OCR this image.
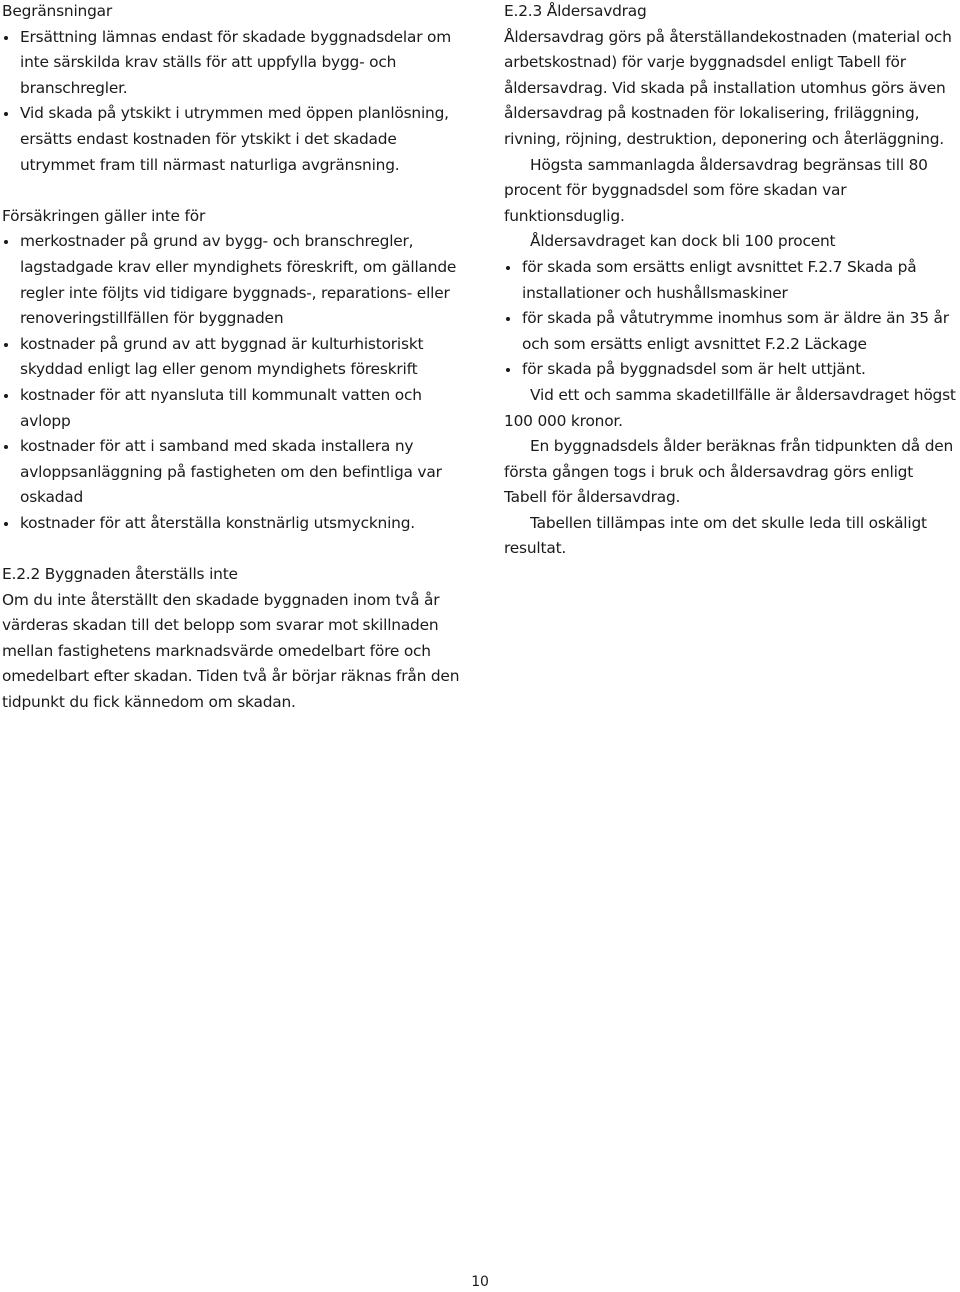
Begränsningar

Ersättning lämnas endast för skadade byggnadsdelar om inte särskilda krav ställs för att uppfylla bygg- och branschregler.
Vid skada på ytskikt i utrymmen med öppen planlösning, ersätts endast kostnaden för ytskikt i det skadade utrymmet fram till närmast naturliga avgränsning.

Försäkringen gäller inte för

merkostnader på grund av bygg- och branschregler, lagstadgade krav eller myndighets föreskrift, om gällande regler inte följts vid tidigare byggnads-, reparations- eller renoveringstillfällen för byggnaden
kostnader på grund av att byggnad är kulturhistoriskt skyddad enligt lag eller genom myndighets föreskrift
kostnader för att nyansluta till kommunalt vatten och avlopp
kostnader för att i samband med skada installera ny avloppsanläggning på fastigheten om den befintliga var oskadad
kostnader för att återställa konstnärlig utsmyckning.

E.2.3 Åldersavdrag

Åldersavdrag görs på återställandekostnaden (material och arbetskostnad) för varje byggnadsdel enligt Tabell för åldersavdrag. Vid skada på installation utomhus görs även åldersavdrag på kostnaden för lokalisering, friläggning, rivning, röjning, destruktion, deponering och återläggning.

Högsta sammanlagda åldersavdrag begränsas till 80 procent för byggnadsdel som före skadan var funktionsduglig.

Åldersavdraget kan dock bli 100 procent

för skada som ersätts enligt avsnittet F.2.7 Skada på installationer och hushållsmaskiner
för skada på våtutrymme inomhus som är äldre än 35 år och som ersätts enligt avsnittet F.2.2 Läckage
för skada på byggnadsdel som är helt uttjänt.

Vid ett och samma skadetillfälle är åldersavdraget högst 100 000 kronor.

En byggnadsdels ålder beräknas från tidpunkten då den första gången togs i bruk och åldersavdrag görs enligt Tabell för åldersavdrag.

Tabellen tillämpas inte om det skulle leda till oskäligt resultat.

E.2.2 Byggnaden återställs inte

Om du inte återställt den skadade byggnaden inom två år värderas skadan till det belopp som svarar mot skillnaden mellan fastighetens marknadsvärde omedelbart före och omedelbart efter skadan. Tiden två år börjar räknas från den tidpunkt du fick kännedom om skadan.

10
